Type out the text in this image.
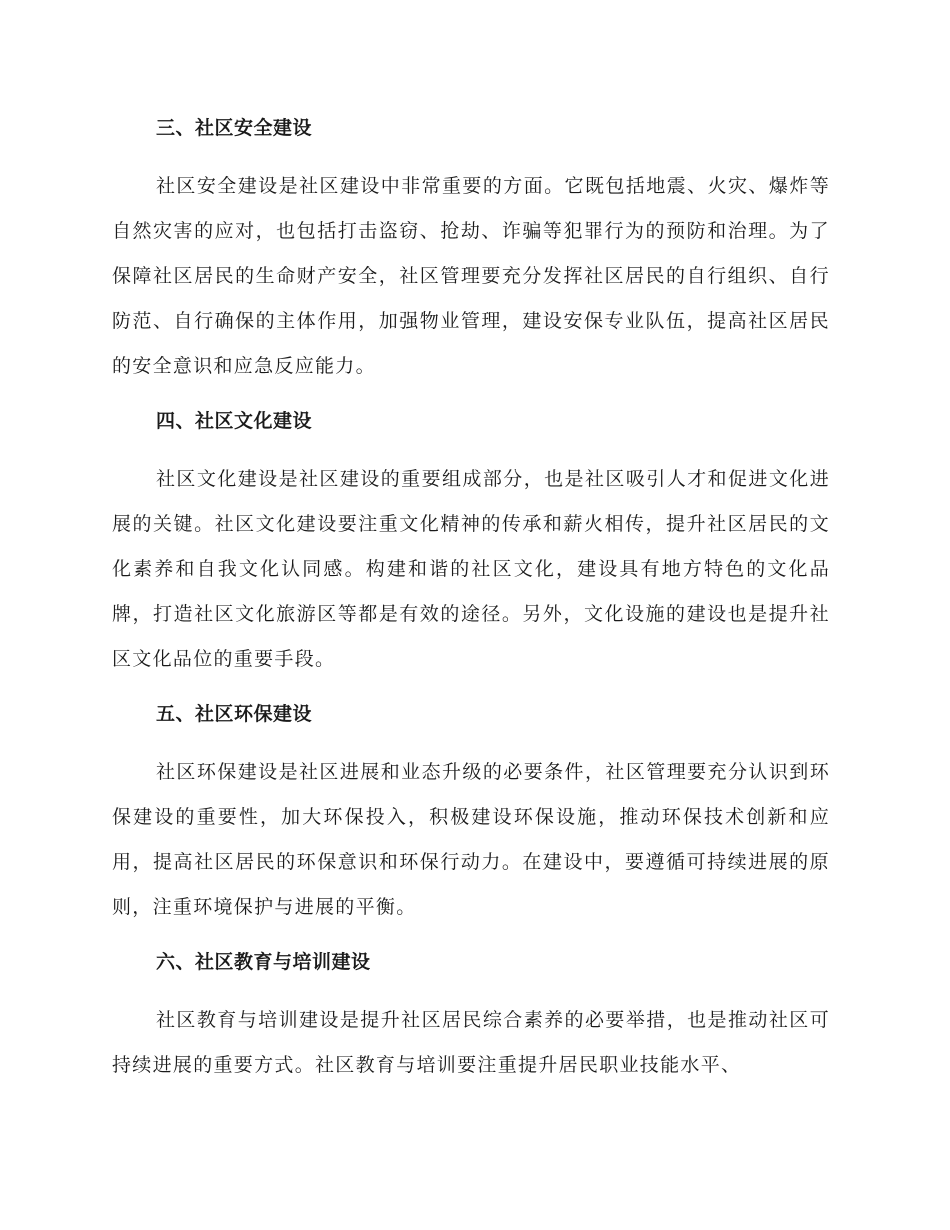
三、社区安全建设

社区安全建设是社区建设中非常重要的方面。它既包括地震、火灾、爆炸等自然灾害的应对，也包括打击盗窃、抢劫、诈骗等犯罪行为的预防和治理。为了保障社区居民的生命财产安全，社区管理要充分发挥社区居民的自行组织、自行防范、自行确保的主体作用，加强物业管理，建设安保专业队伍，提高社区居民的安全意识和应急反应能力。

四、社区文化建设

社区文化建设是社区建设的重要组成部分，也是社区吸引人才和促进文化进展的关键。社区文化建设要注重文化精神的传承和薪火相传，提升社区居民的文化素养和自我文化认同感。构建和谐的社区文化，建设具有地方特色的文化品牌，打造社区文化旅游区等都是有效的途径。另外，文化设施的建设也是提升社区文化品位的重要手段。

五、社区环保建设

社区环保建设是社区进展和业态升级的必要条件，社区管理要充分认识到环保建设的重要性，加大环保投入，积极建设环保设施，推动环保技术创新和应用，提高社区居民的环保意识和环保行动力。在建设中，要遵循可持续进展的原则，注重环境保护与进展的平衡。

六、社区教育与培训建设

社区教育与培训建设是提升社区居民综合素养的必要举措，也是推动社区可持续进展的重要方式。社区教育与培训要注重提升居民职业技能水平、
